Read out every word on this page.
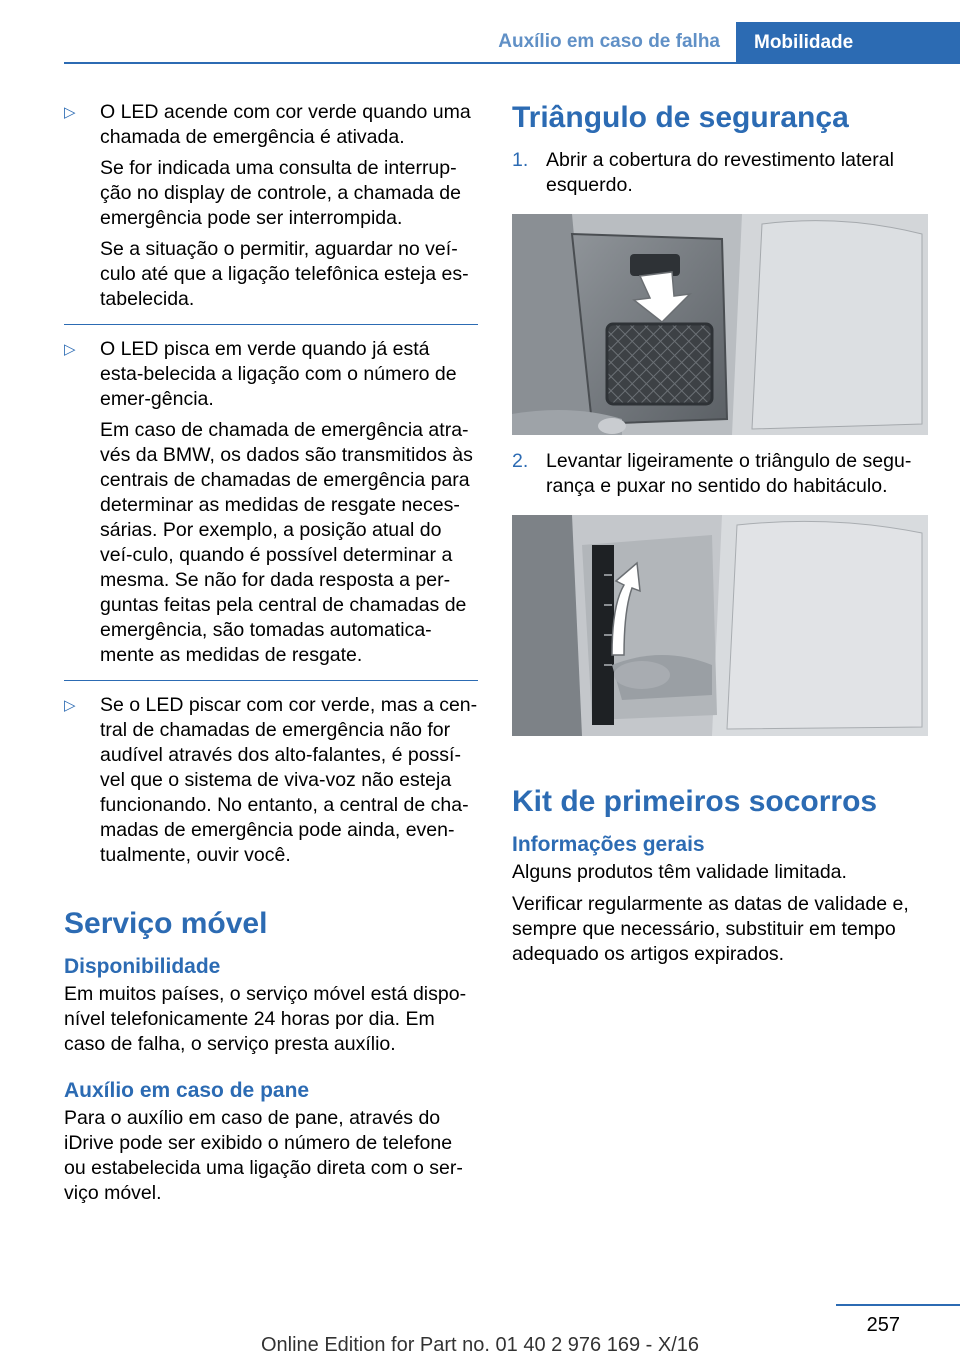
Auxílio em caso de falha	Mobilidade
▷ O LED acende com cor verde quando uma chamada de emergência é ativada.

Se for indicada uma consulta de interrup-ção no display de controle, a chamada de emergência pode ser interrompida.

Se a situação o permitir, aguardar no veí-culo até que a ligação telefônica esteja es-tabelecida.

▷ O LED pisca em verde quando já está esta-belecida a ligação com o número de emer-gência.

Em caso de chamada de emergência atra-vés da BMW, os dados são transmitidos às centrais de chamadas de emergência para determinar as medidas de resgate neces-sárias. Por exemplo, a posição atual do veí-culo, quando é possível determinar a mesma. Se não for dada resposta a per-guntas feitas pela central de chamadas de emergência, são tomadas automatica-mente as medidas de resgate.

▷ Se o LED piscar com cor verde, mas a cen-tral de chamadas de emergência não for audível através dos alto-falantes, é possí-vel que o sistema de viva-voz não esteja funcionando. No entanto, a central de cha-madas de emergência pode ainda, even-tualmente, ouvir você.

Serviço móvel
Disponibilidade

Em muitos países, o serviço móvel está dispo-nível telefonicamente 24 horas por dia. Em caso de falha, o serviço presta auxílio.

Auxílio em caso de pane

Para o auxílio em caso de pane, através do iDrive pode ser exibido o número de telefone ou estabelecida uma ligação direta com o ser-viço móvel.

Triângulo de segurança
1. Abrir a cobertura do revestimento lateral esquerdo.
2. Levantar ligeiramente o triângulo de segu-rança e puxar no sentido do habitáculo.
Kit de primeiros socorros
Informações gerais

Alguns produtos têm validade limitada.

Verificar regularmente as datas de validade e, sempre que necessário, substituir em tempo adequado os artigos expirados.

257
Online Edition for Part no. 01 40 2 976 169 - X/16
